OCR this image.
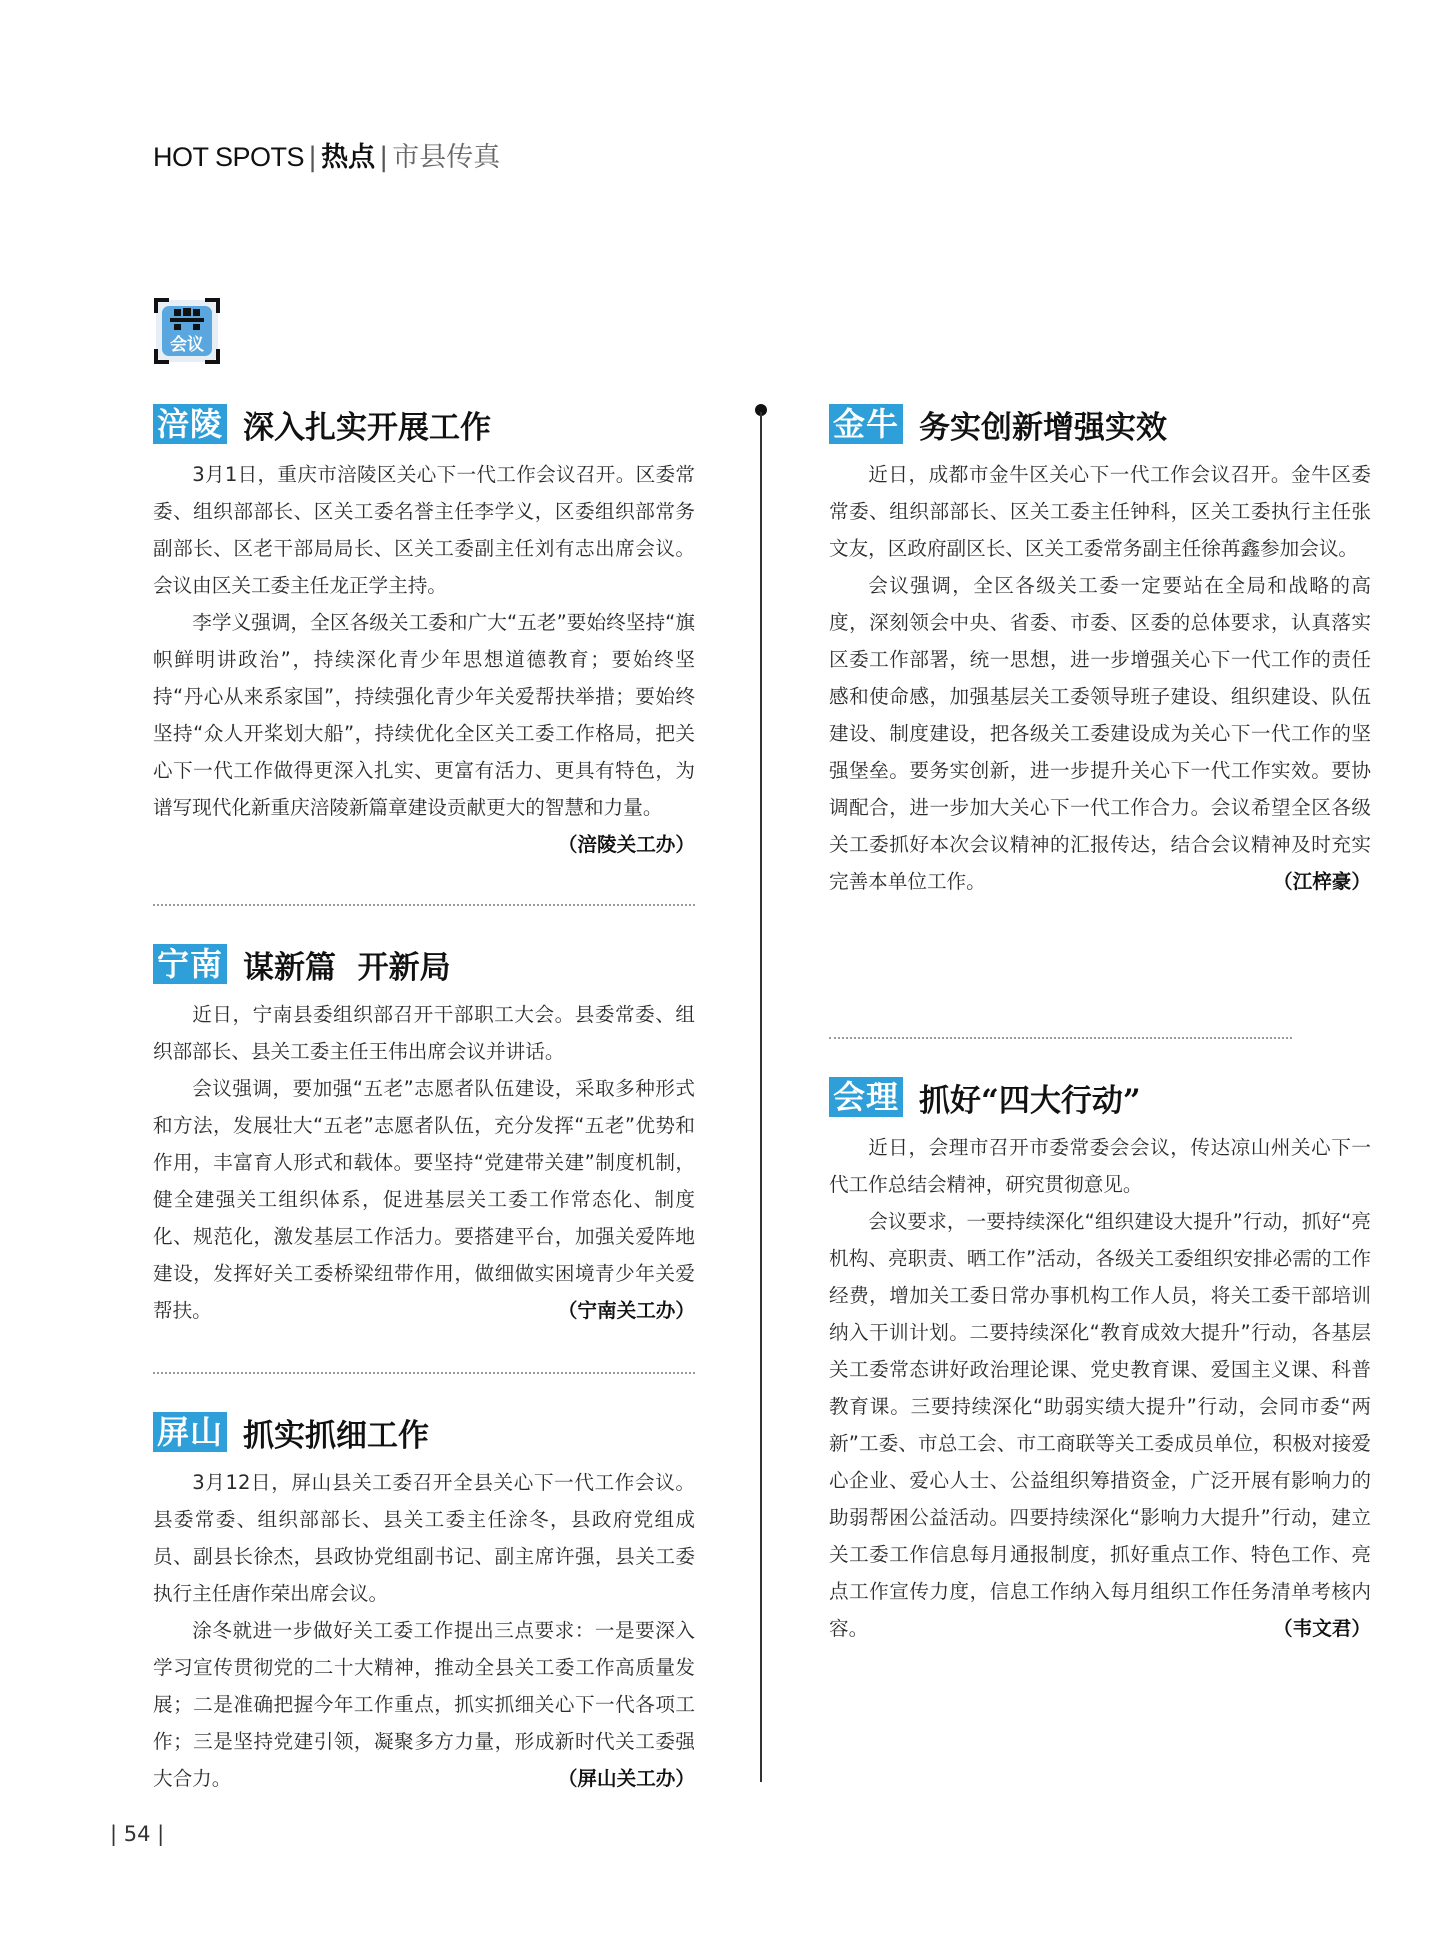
HOT SPOTS | 热点 | 市县传真
会议
涪陵 深入扎实开展工作

3月1日，重庆市涪陵区关心下一代工作会议召开。区委常委、组织部部长、区关工委名誉主任李学义，区委组织部常务副部长、区老干部局局长、区关工委副主任刘有志出席会议。会议由区关工委主任龙正学主持。

李学义强调，全区各级关工委和广大“五老”要始终坚持“旗帜鲜明讲政治”，持续深化青少年思想道德教育；要始终坚持“丹心从来系家国”，持续强化青少年关爱帮扶举措；要始终坚持“众人开桨划大船”，持续优化全区关工委工作格局，把关心下一代工作做得更深入扎实、更富有活力、更具有特色，为谱写现代化新重庆涪陵新篇章建设贡献更大的智慧和力量。
（涪陵关工办）

宁南 谋新篇  开新局

近日，宁南县委组织部召开干部职工大会。县委常委、组织部部长、县关工委主任王伟出席会议并讲话。

会议强调，要加强“五老”志愿者队伍建设，采取多种形式和方法，发展壮大“五老”志愿者队伍，充分发挥“五老”优势和作用，丰富育人形式和载体。要坚持“党建带关建”制度机制，健全建强关工组织体系，促进基层关工委工作常态化、制度化、规范化，激发基层工作活力。要搭建平台，加强关爱阵地建设，发挥好关工委桥梁纽带作用，做细做实困境青少年关爱帮扶。	（宁南关工办）

屏山 抓实抓细工作

3月12日，屏山县关工委召开全县关心下一代工作会议。县委常委、组织部部长、县关工委主任涂冬，县政府党组成员、副县长徐杰，县政协党组副书记、副主席许强，县关工委执行主任唐作荣出席会议。

涂冬就进一步做好关工委工作提出三点要求：一是要深入学习宣传贯彻党的二十大精神，推动全县关工委工作高质量发展；二是准确把握今年工作重点，抓实抓细关心下一代各项工作；三是坚持党建引领，凝聚多方力量，形成新时代关工委强大合力。	（屏山关工办）

金牛 务实创新增强实效

近日，成都市金牛区关心下一代工作会议召开。金牛区委常委、组织部部长、区关工委主任钟科，区关工委执行主任张文友，区政府副区长、区关工委常务副主任徐苒鑫参加会议。

会议强调，全区各级关工委一定要站在全局和战略的高度，深刻领会中央、省委、市委、区委的总体要求，认真落实区委工作部署，统一思想，进一步增强关心下一代工作的责任感和使命感，加强基层关工委领导班子建设、组织建设、队伍建设、制度建设，把各级关工委建设成为关心下一代工作的坚强堡垒。要务实创新，进一步提升关心下一代工作实效。要协调配合，进一步加大关心下一代工作合力。会议希望全区各级关工委抓好本次会议精神的汇报传达，结合会议精神及时充实完善本单位工作。	（江梓豪）

会理 抓好“四大行动”

近日，会理市召开市委常委会会议，传达凉山州关心下一代工作总结会精神，研究贯彻意见。

会议要求，一要持续深化“组织建设大提升”行动，抓好“亮机构、亮职责、晒工作”活动，各级关工委组织安排必需的工作经费，增加关工委日常办事机构工作人员，将关工委干部培训纳入干训计划。二要持续深化“教育成效大提升”行动，各基层关工委常态讲好政治理论课、党史教育课、爱国主义课、科普教育课。三要持续深化“助弱实绩大提升”行动，会同市委“两新”工委、市总工会、市工商联等关工委成员单位，积极对接爱心企业、爱心人士、公益组织筹措资金，广泛开展有影响力的助弱帮困公益活动。四要持续深化“影响力大提升”行动，建立关工委工作信息每月通报制度，抓好重点工作、特色工作、亮点工作宣传力度，信息工作纳入每月组织工作任务清单考核内容。	（韦文君）

| 54 |
